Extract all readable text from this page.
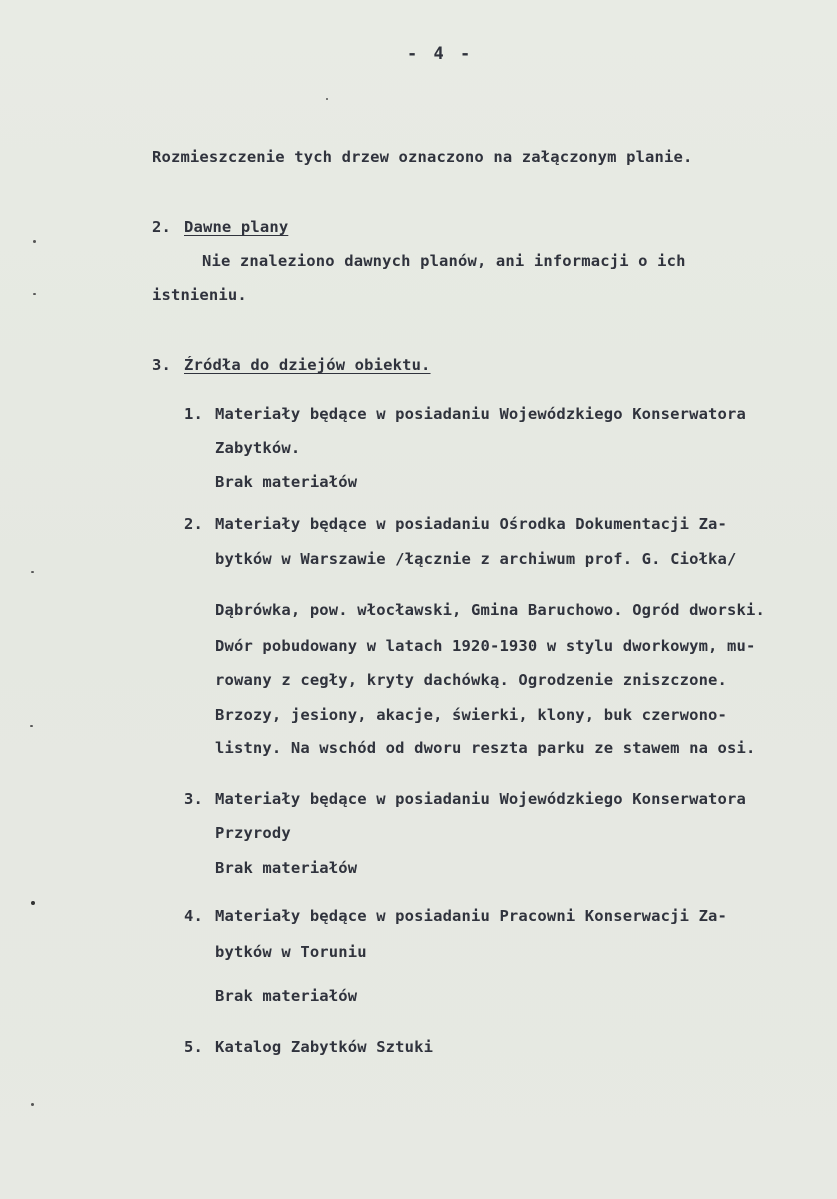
- 4 -
Rozmieszczenie tych drzew oznaczono na załączonym planie.
2. Dawne plany
Nie znaleziono dawnych planów, ani informacji o ich
istnieniu.
3. Źródła do dziejów obiektu.
1. Materiały będące w posiadaniu Wojewódzkiego Konserwatora
Zabytków.
Brak materiałów
2. Materiały będące w posiadaniu Ośrodka Dokumentacji Za-
bytków w Warszawie /łącznie z archiwum prof. G. Ciołka/
Dąbrówka, pow. włocławski, Gmina Baruchowo. Ogród dworski.
Dwór pobudowany w latach 1920-1930 w stylu dworkowym, mu-
rowany z cegły, kryty dachówką. Ogrodzenie zniszczone.
Brzozy, jesiony, akacje, świerki, klony, buk czerwono-
listny. Na wschód od dworu reszta parku ze stawem na osi.
3. Materiały będące w posiadaniu Wojewódzkiego Konserwatora
Przyrody
Brak materiałów
4. Materiały będące w posiadaniu Pracowni Konserwacji Za-
bytków w Toruniu
Brak materiałów
5. Katalog Zabytków Sztuki
